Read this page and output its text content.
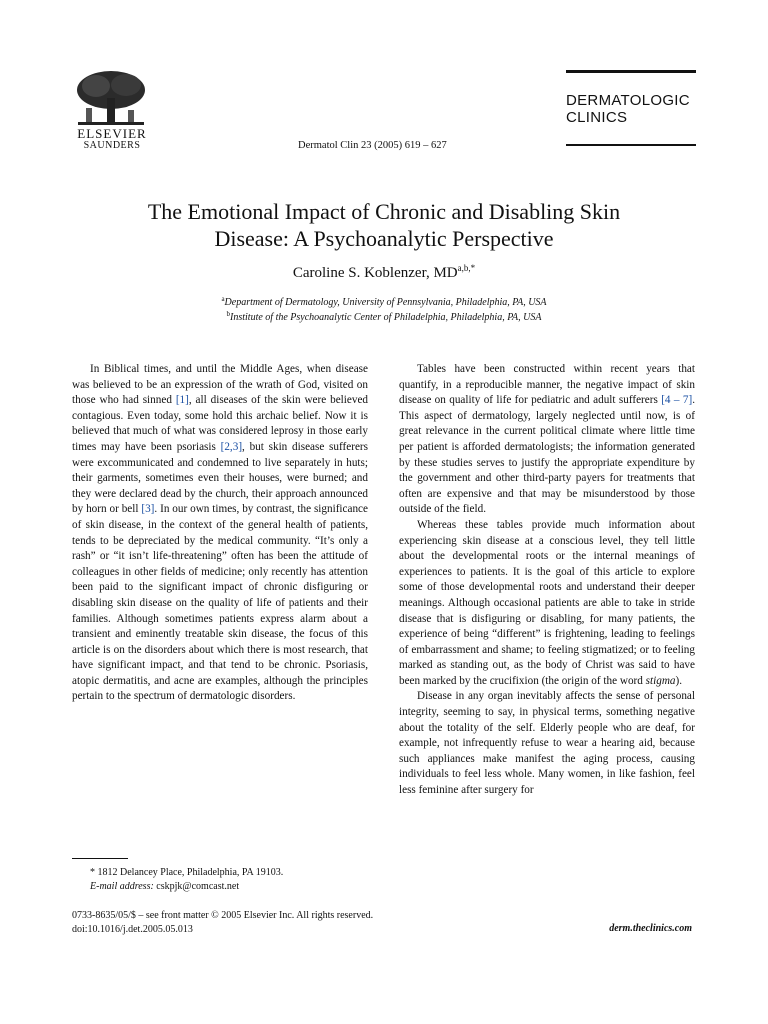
ELSEVIER
SAUNDERS	Dermatol Clin 23 (2005) 619 – 627
DERMATOLOGIC
CLINICS
The Emotional Impact of Chronic and Disabling Skin
Disease: A Psychoanalytic Perspective
Caroline S. Koblenzer, $MD^{a,b,*}$
$^a$Department of Dermatology, University of Pennsylvania, Philadelphia, PA, USA
$^b$Institute of the Psychoanalytic Center of Philadelphia, Philadelphia, PA, USA

In Biblical times, and until the Middle Ages, when disease was believed to be an expression of the wrath of God, visited on those who had sinned [1], all diseases of the skin were believed contagious. Even today, some hold this archaic belief. Now it is believed that much of what was considered leprosy in those early times may have been psoriasis [2,3], but skin disease sufferers were excommunicated and condemned to live separately in huts; their garments, sometimes even their houses, were burned; and they were declared dead by the church, their approach announced by horn or bell [3]. In our own times, by contrast, the significance of skin disease, in the context of the general health of patients, tends to be depreciated by the medical community. “It’s only a rash” or “it isn’t life-threatening” often has been the attitude of colleagues in other fields of medicine; only recently has attention been paid to the significant impact of chronic disfiguring or disabling skin disease on the quality of life of patients and their families. Although sometimes patients express alarm about a transient and eminently treatable skin disease, the focus of this article is on the disorders about which there is most research, that have significant impact, and that tend to be chronic. Psoriasis, atopic dermatitis, and acne are examples, although the principles pertain to the spectrum of dermatologic disorders.

Tables have been constructed within recent years that quantify, in a reproducible manner, the negative impact of skin disease on quality of life for pediatric and adult sufferers [4 – 7]. This aspect of dermatology, largely neglected until now, is of great relevance in the current political climate where little time per patient is afforded dermatologists; the information generated by these studies serves to justify the appropriate expenditure by the government and other third-party payers for treatments that often are expensive and that may be misunderstood by those outside of the field.

Whereas these tables provide much information about experiencing skin disease at a conscious level, they tell little about the developmental roots or the internal meanings of experiences to patients. It is the goal of this article to explore some of those developmental roots and understand their deeper meanings. Although occasional patients are able to take in stride disease that is disfiguring or disabling, for many patients, the experience of being “different” is frightening, leading to feelings of embarrassment and shame; to feeling stigmatized; or to feeling marked as standing out, as the body of Christ was said to have been marked by the crucifixion (the origin of the word stigma).

Disease in any organ inevitably affects the sense of personal integrity, seeming to say, in physical terms, something negative about the totality of the self. Elderly people who are deaf, for example, not infrequently refuse to wear a hearing aid, because such appliances make manifest the aging process, causing individuals to feel less whole. Many women, in like fashion, feel less feminine after surgery for

* 1812 Delancey Place, Philadelphia, PA 19103.
E-mail address: cskpjk@comcast.net
0733-8635/05/$ – see front matter © 2005 Elsevier Inc. All rights reserved.
doi:10.1016/j.det.2005.05.013	derm.theclinics.com
